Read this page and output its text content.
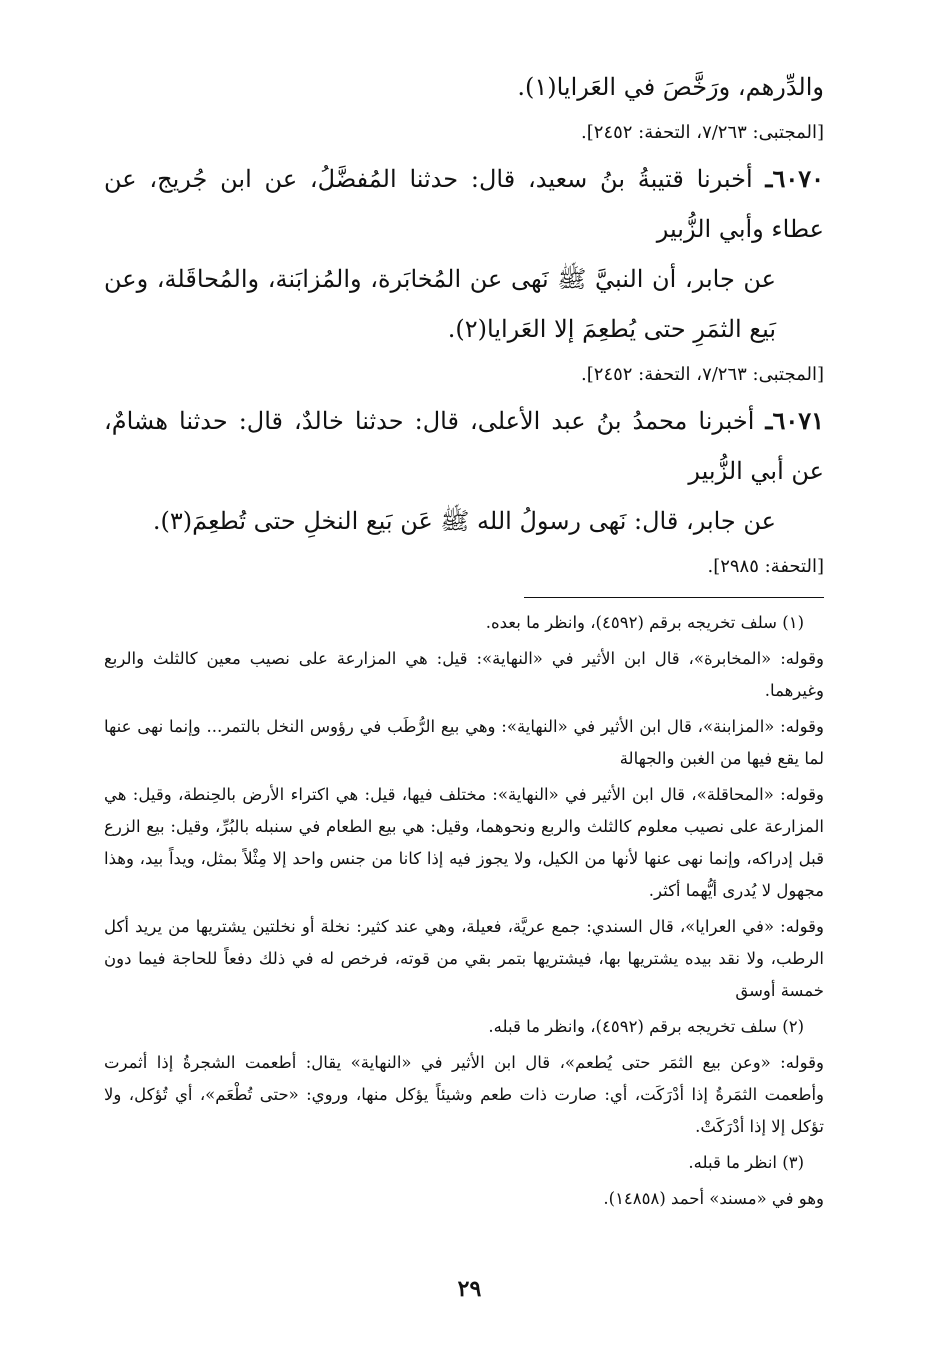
والدِّرهم، ورَخَّصَ في العَرايا(١).

[المجتبى: ٧/٢٦٣، التحفة: ٢٤٥٢].

٦٠٧٠ـ أخبرنا قتيبةُ بنُ سعيد، قال: حدثنا المُفضَّلُ، عن ابن جُريج، عن عطاء وأبي الزُّبير

عن جابر، أن النبيَّ ﷺ نَهى عن المُخابَرة، والمُزابَنة، والمُحاقَلة، وعن بَيع الثمَرِ حتى يُطعِمَ إلا العَرايا(٢).

[المجتبى: ٧/٢٦٣، التحفة: ٢٤٥٢].

٦٠٧١ـ أخبرنا محمدُ بنُ عبد الأعلى، قال: حدثنا خالدٌ، قال: حدثنا هشامٌ، عن أبي الزُّبير

عن جابر، قال: نَهى رسولُ الله ﷺ عَن بَيع النخلِ حتى تُطعِمَ(٣).

[التحفة: ٢٩٨٥].

(١) سلف تخريجه برقم (٤٥٩٢)، وانظر ما بعده.

وقوله: «المخابرة»، قال ابن الأثير في «النهاية»: قيل: هي المزارعة على نصيب معين كالثلث والربع وغيرهما.

وقوله: «المزابنة»، قال ابن الأثير في «النهاية»: وهي بيع الرُّطَب في رؤوس النخل بالتمر... وإنما نهى عنها لما يقع فيها من الغبن والجهالة

وقوله: «المحاقلة»، قال ابن الأثير في «النهاية»: مختلف فيها، قيل: هي اكتراء الأرض بالحِنطة، وقيل: هي المزارعة على نصيب معلوم كالثلث والربع ونحوهما، وقيل: هي بيع الطعام في سنبله بالبُرِّ، وقيل: بيع الزرع قبل إدراكه، وإنما نهى عنها لأنها من الكيل، ولا يجوز فيه إذا كانا من جنس واحد إلا مِثْلاً بمثل، ويداً بيد، وهذا مجهول لا يُدرى أيُّهما أكثر.

وقوله: «في العرايا»، قال السندي: جمع عريَّة، فعيلة، وهي عند كثير: نخلة أو نخلتين يشتريها من يريد أكل الرطب، ولا نقد بيده يشتريها بها، فيشتريها بتمر بقي من قوته، فرخص له في ذلك دفعاً للحاجة فيما دون خمسة أوسق

(٢) سلف تخريجه برقم (٤٥٩٢)، وانظر ما قبله.

وقوله: «وعن بيع الثمَر حتى يُطعم»، قال ابن الأثير في «النهاية» يقال: أطعمت الشجرةُ إذا أثمرت وأطعمت الثمَرةُ إذا أدْرَكَت، أي: صارت ذات طعم وشيئاً يؤكل منها، وروي: «حتى تُطْعَم»، أي تُؤكل، ولا تؤكل إلا إذا أدْرَكَتْ.

(٣) انظر ما قبله.

وهو في «مسند» أحمد (١٤٨٥٨).

٢٩
